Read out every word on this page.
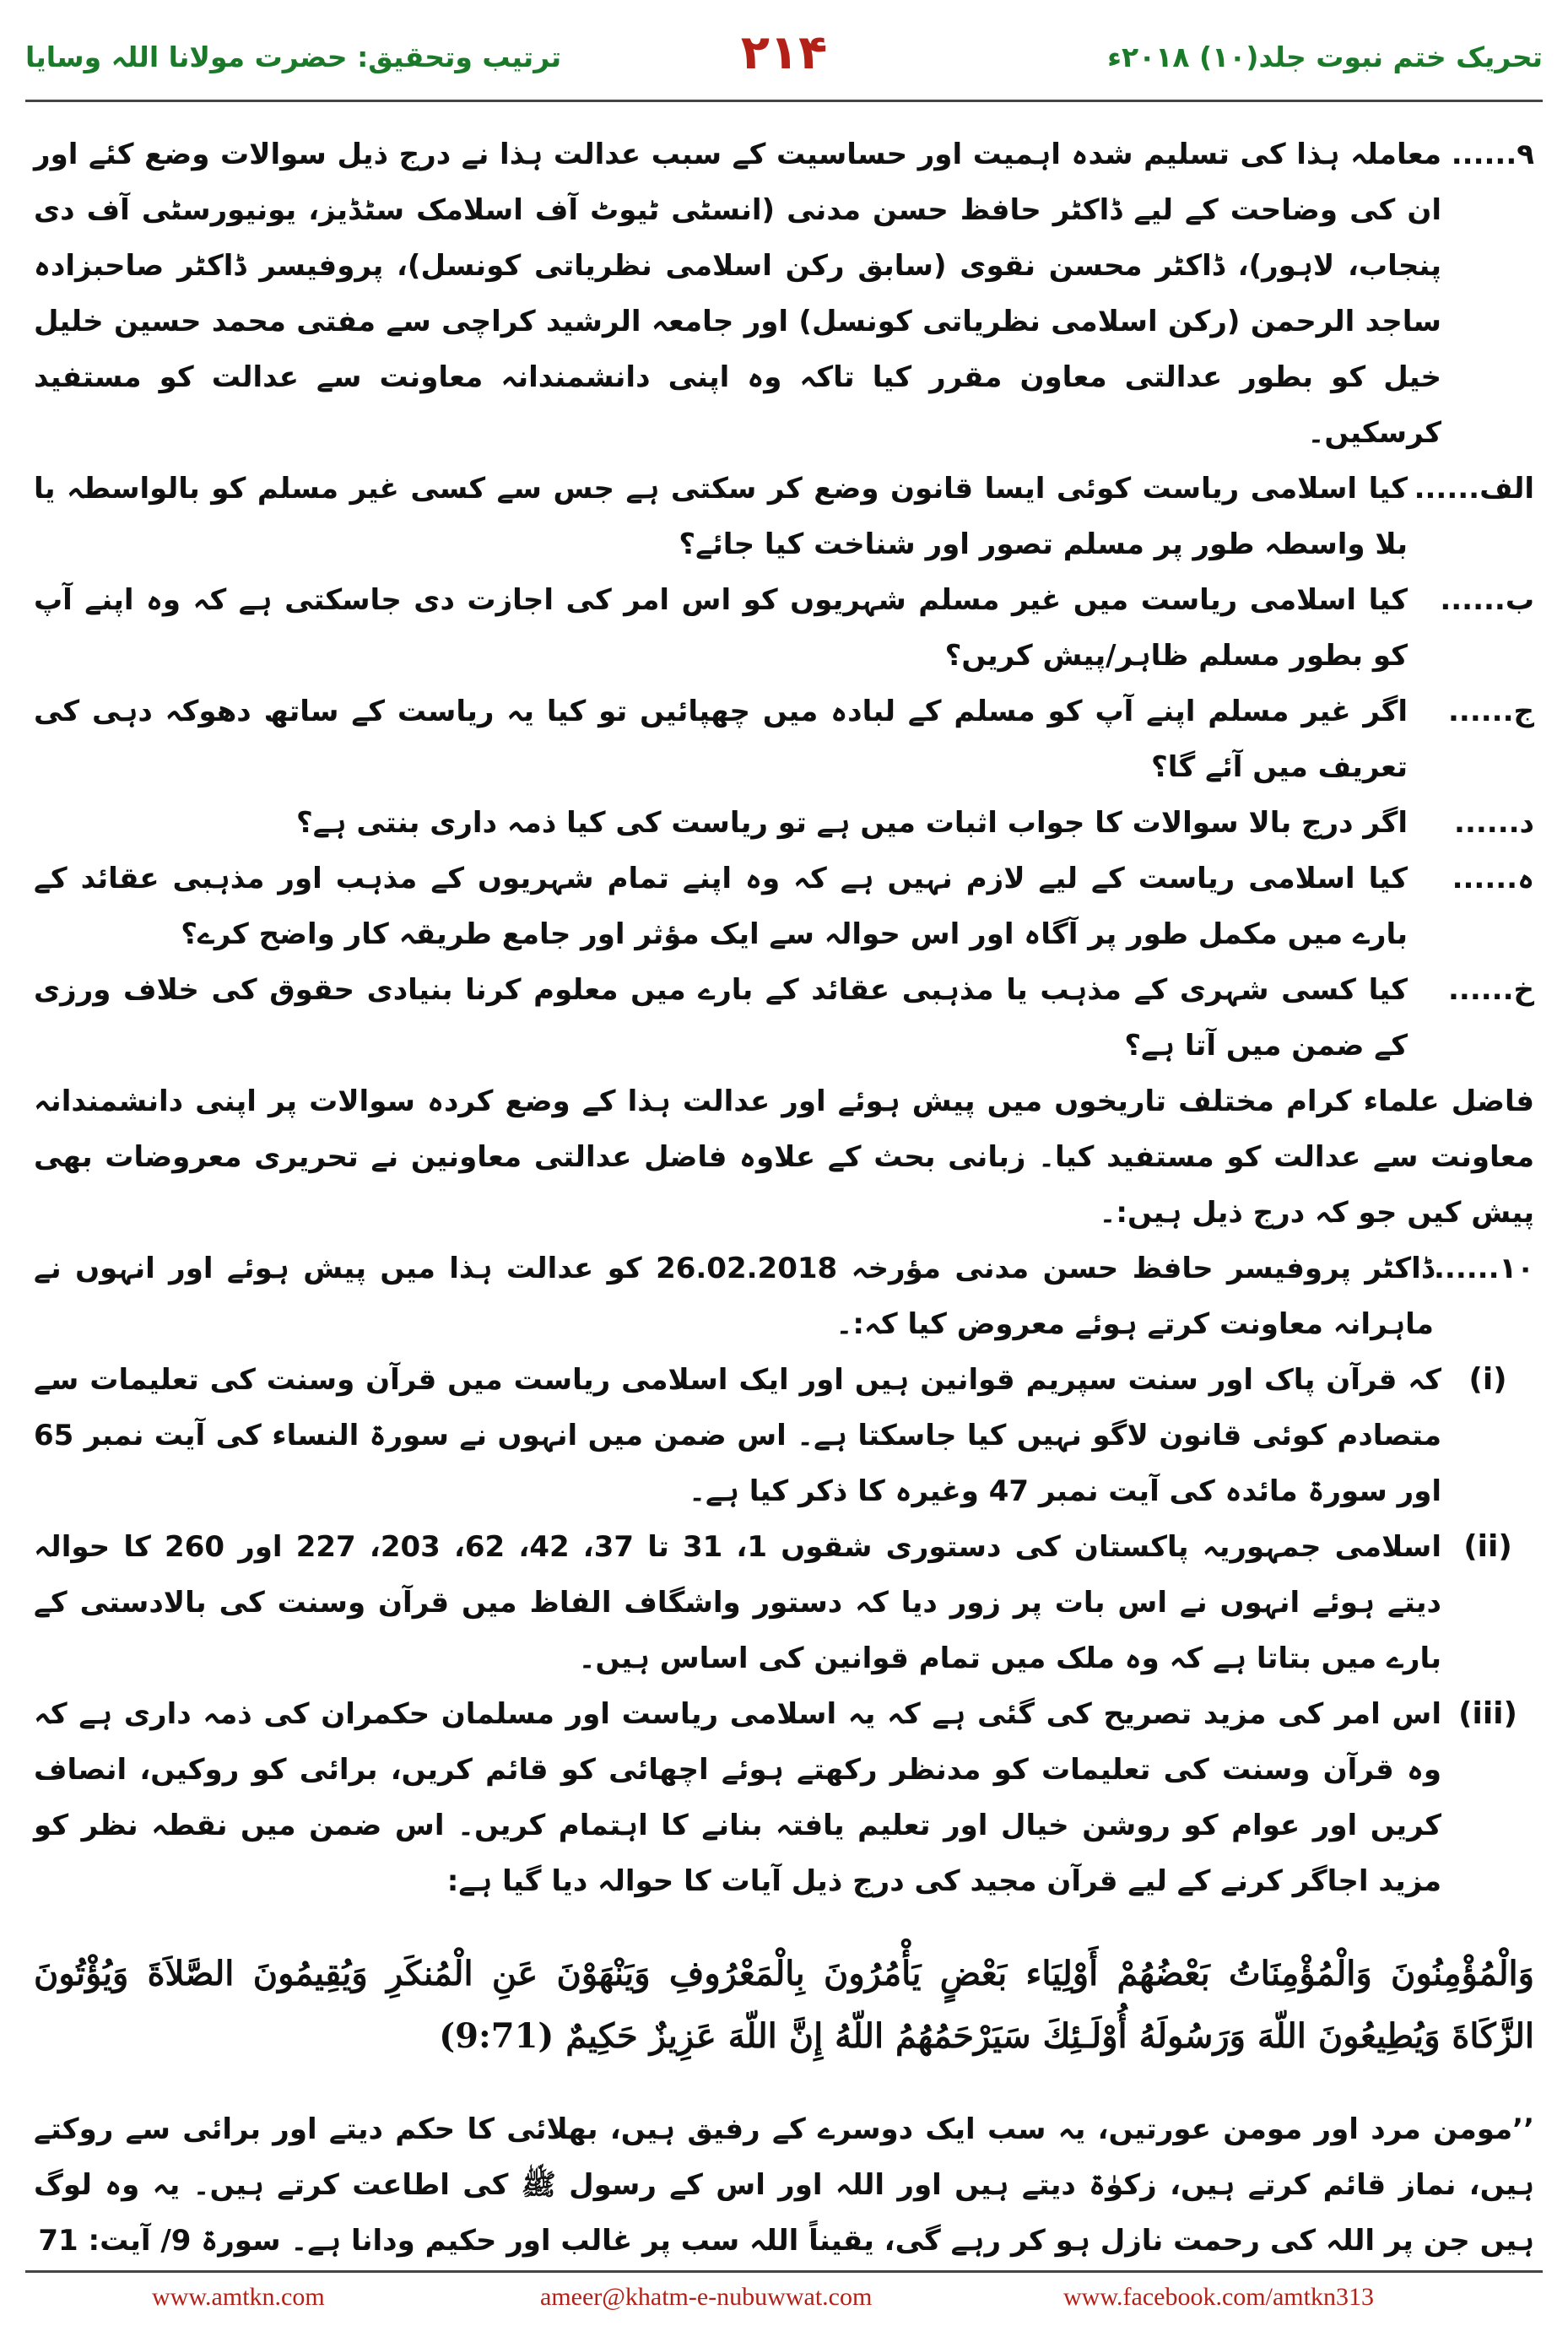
ترتیب وتحقیق: حضرت مولانا اللہ وسایا	۲۱۴	تحریک ختم نبوت جلد(۱۰) ۲۰۱۸ء
۹......
معاملہ ہذا کی تسلیم شدہ اہمیت اور حساسیت کے سبب عدالت ہذا نے درج ذیل سوالات وضع کئے اور ان کی وضاحت کے لیے ڈاکٹر حافظ حسن مدنی (انسٹی ٹیوٹ آف اسلامک سٹڈیز، یونیورسٹی آف دی پنجاب، لاہور)، ڈاکٹر محسن نقوی (سابق رکن اسلامی نظریاتی کونسل)، پروفیسر ڈاکٹر صاحبزادہ ساجد الرحمن (رکن اسلامی نظریاتی کونسل) اور جامعہ الرشید کراچی سے مفتی محمد حسین خلیل خیل کو بطور عدالتی معاون مقرر کیا تاکہ وہ اپنی دانشمندانہ معاونت سے عدالت کو مستفید کرسکیں۔
الف......
کیا اسلامی ریاست کوئی ایسا قانون وضع کر سکتی ہے جس سے کسی غیر مسلم کو بالواسطہ یا بلا واسطہ طور پر مسلم تصور اور شناخت کیا جائے؟
ب......
کیا اسلامی ریاست میں غیر مسلم شہریوں کو اس امر کی اجازت دی جاسکتی ہے کہ وہ اپنے آپ کو بطور مسلم ظاہر/پیش کریں؟
ج......
اگر غیر مسلم اپنے آپ کو مسلم کے لبادہ میں چھپائیں تو کیا یہ ریاست کے ساتھ دھوکہ دہی کی تعریف میں آئے گا؟
د......
اگر درج بالا سوالات کا جواب اثبات میں ہے تو ریاست کی کیا ذمہ داری بنتی ہے؟
ہ......
کیا اسلامی ریاست کے لیے لازم نہیں ہے کہ وہ اپنے تمام شہریوں کے مذہب اور مذہبی عقائد کے بارے میں مکمل طور پر آگاہ اور اس حوالہ سے ایک مؤثر اور جامع طریقہ کار واضح کرے؟
خ......
کیا کسی شہری کے مذہب یا مذہبی عقائد کے بارے میں معلوم کرنا بنیادی حقوق کی خلاف ورزی کے ضمن میں آتا ہے؟

فاضل علماء کرام مختلف تاریخوں میں پیش ہوئے اور عدالت ہذا کے وضع کردہ سوالات پر اپنی دانشمندانہ معاونت سے عدالت کو مستفید کیا۔ زبانی بحث کے علاوہ فاضل عدالتی معاونین نے تحریری معروضات بھی پیش کیں جو کہ درج ذیل ہیں:۔

۱۰......
ڈاکٹر پروفیسر حافظ حسن مدنی مؤرخہ 26.02.2018 کو عدالت ہذا میں پیش ہوئے اور انہوں نے ماہرانہ معاونت کرتے ہوئے معروض کیا کہ:۔
(i)
کہ قرآن پاک اور سنت سپریم قوانین ہیں اور ایک اسلامی ریاست میں قرآن وسنت کی تعلیمات سے متصادم کوئی قانون لاگو نہیں کیا جاسکتا ہے۔ اس ضمن میں انہوں نے سورۃ النساء کی آیت نمبر 65 اور سورۃ مائدہ کی آیت نمبر 47 وغیرہ کا ذکر کیا ہے۔
(ii)
اسلامی جمہوریہ پاکستان کی دستوری شقوں 1، 31 تا 37، 42، 62، 203، 227 اور 260 کا حوالہ دیتے ہوئے انہوں نے اس بات پر زور دیا کہ دستور واشگاف الفاظ میں قرآن وسنت کی بالادستی کے بارے میں بتاتا ہے کہ وہ ملک میں تمام قوانین کی اساس ہیں۔
(iii)
اس امر کی مزید تصریح کی گئی ہے کہ یہ اسلامی ریاست اور مسلمان حکمران کی ذمہ داری ہے کہ وہ قرآن وسنت کی تعلیمات کو مدنظر رکھتے ہوئے اچھائی کو قائم کریں، برائی کو روکیں، انصاف کریں اور عوام کو روشن خیال اور تعلیم یافتہ بنانے کا اہتمام کریں۔ اس ضمن میں نقطہ نظر کو مزید اجاگر کرنے کے لیے قرآن مجید کی درج ذیل آیات کا حوالہ دیا گیا ہے:

وَالْمُؤْمِنُونَ وَالْمُؤْمِنَاتُ بَعْضُهُمْ أَوْلِيَاء بَعْضٍ يَأْمُرُونَ بِالْمَعْرُوفِ وَيَنْهَوْنَ عَنِ الْمُنكَرِ وَيُقِيمُونَ الصَّلاَةَ وَيُؤْتُونَ الزَّكَاةَ وَيُطِيعُونَ اللّهَ وَرَسُولَهُ أُوْلَـئِكَ سَيَرْحَمُهُمُ اللّهُ إِنَّ اللّهَ عَزِيزٌ حَكِيمٌ (9:71)

’’مومن مرد اور مومن عورتیں، یہ سب ایک دوسرے کے رفیق ہیں، بھلائی کا حکم دیتے اور برائی سے روکتے ہیں، نماز قائم کرتے ہیں، زکوٰۃ دیتے ہیں اور اللہ اور اس کے رسول ﷺ کی اطاعت کرتے ہیں۔ یہ وہ لوگ ہیں جن پر اللہ کی رحمت نازل ہو کر رہے گی، یقیناً اللہ سب پر غالب اور حکیم ودانا ہے۔ سورۃ 9/ آیت: 71

www.amtkn.com	ameer@khatm-e-nubuwwat.com	www.facebook.com/amtkn313
